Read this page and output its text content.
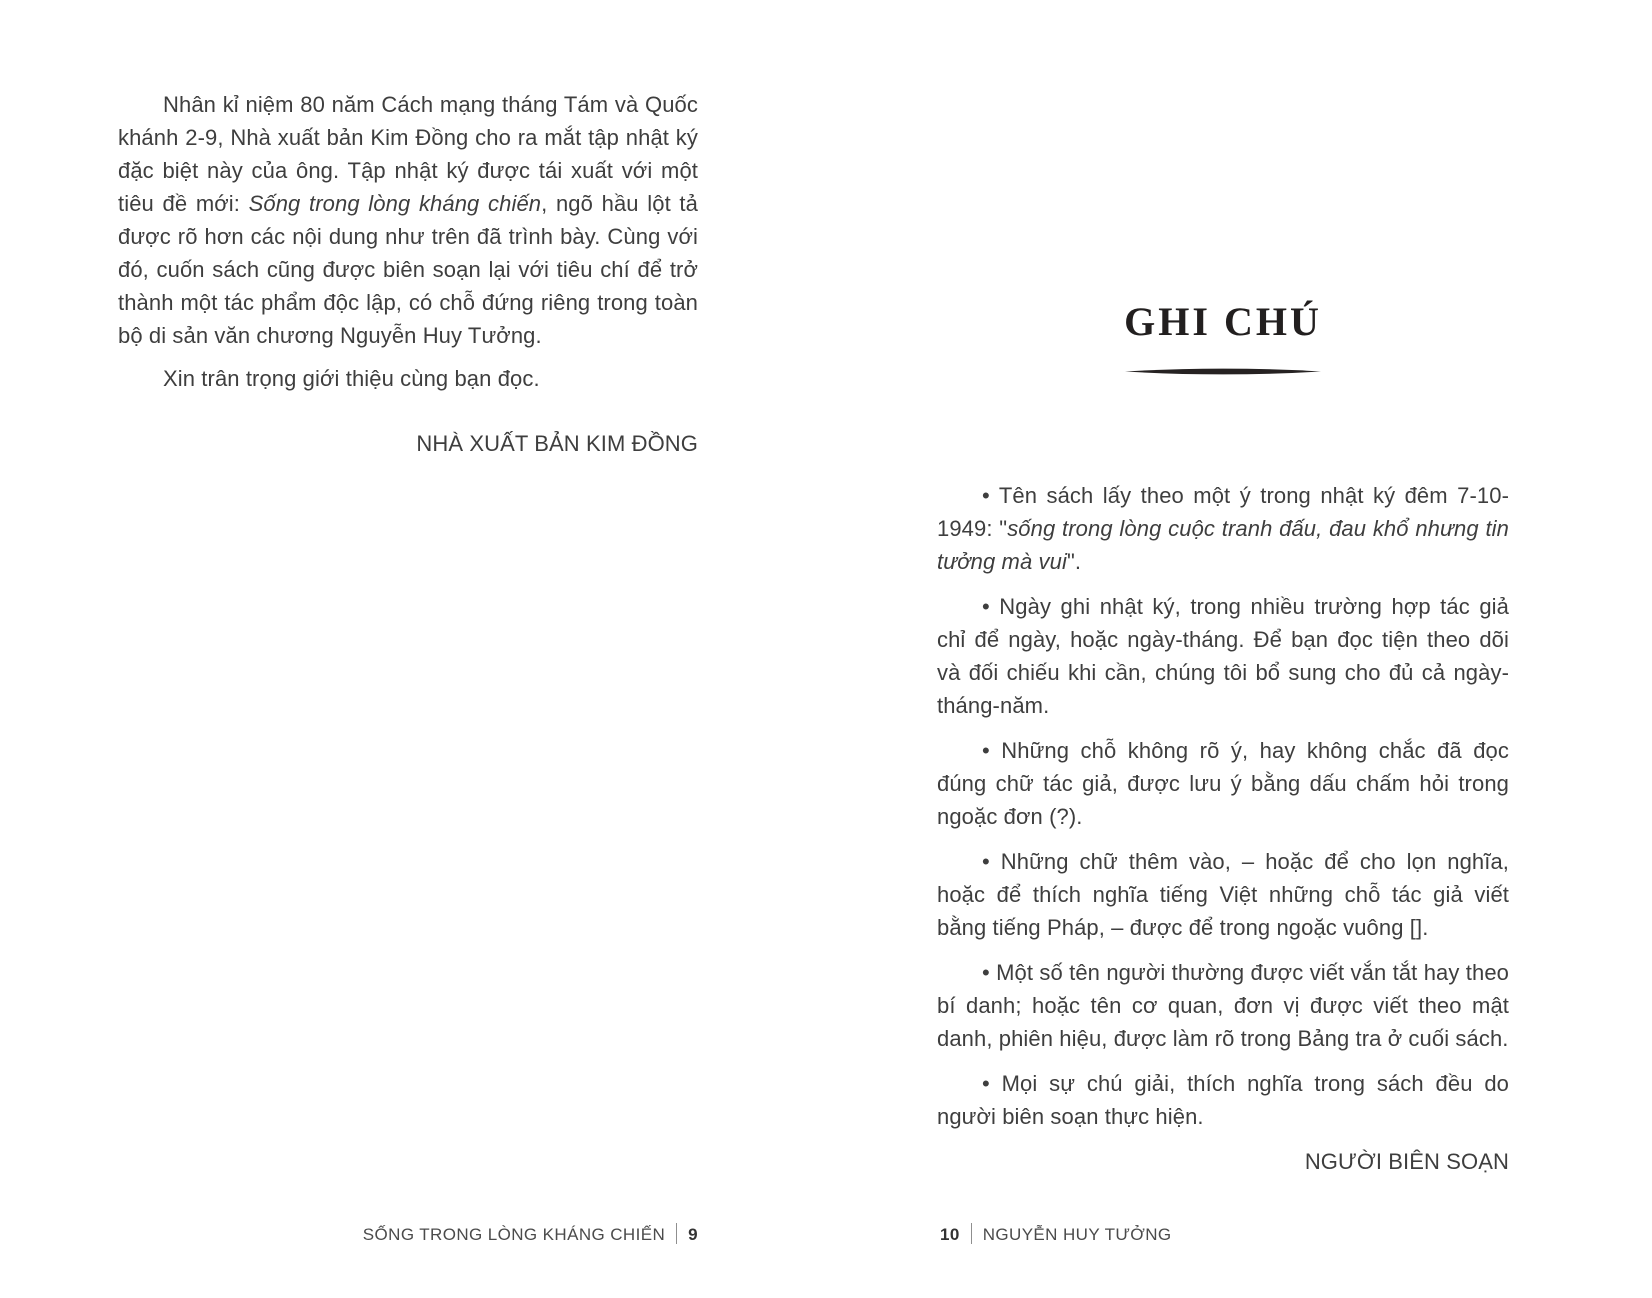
Nhân kỉ niệm 80 năm Cách mạng tháng Tám và Quốc khánh 2-9, Nhà xuất bản Kim Đồng cho ra mắt tập nhật ký đặc biệt này của ông. Tập nhật ký được tái xuất với một tiêu đề mới: Sống trong lòng kháng chiến, ngõ hầu lột tả được rõ hơn các nội dung như trên đã trình bày. Cùng với đó, cuốn sách cũng được biên soạn lại với tiêu chí để trở thành một tác phẩm độc lập, có chỗ đứng riêng trong toàn bộ di sản văn chương Nguyễn Huy Tưởng.

Xin trân trọng giới thiệu cùng bạn đọc.

NHÀ XUẤT BẢN KIM ĐỒNG

GHI CHÚ

• Tên sách lấy theo một ý trong nhật ký đêm 7-10-1949: "sống trong lòng cuộc tranh đấu, đau khổ nhưng tin tưởng mà vui".

• Ngày ghi nhật ký, trong nhiều trường hợp tác giả chỉ để ngày, hoặc ngày-tháng. Để bạn đọc tiện theo dõi và đối chiếu khi cần, chúng tôi bổ sung cho đủ cả ngày-tháng-năm.

• Những chỗ không rõ ý, hay không chắc đã đọc đúng chữ tác giả, được lưu ý bằng dấu chấm hỏi trong ngoặc đơn (?).

• Những chữ thêm vào, – hoặc để cho lọn nghĩa, hoặc để thích nghĩa tiếng Việt những chỗ tác giả viết bằng tiếng Pháp, – được để trong ngoặc vuông [].

• Một số tên người thường được viết vắn tắt hay theo bí danh; hoặc tên cơ quan, đơn vị được viết theo mật danh, phiên hiệu, được làm rõ trong Bảng tra ở cuối sách.

• Mọi sự chú giải, thích nghĩa trong sách đều do người biên soạn thực hiện.

NGƯỜI BIÊN SOẠN

SỐNG TRONG LÒNG KHÁNG CHIẾN 9	10 NGUYỄN HUY TƯỞNG
